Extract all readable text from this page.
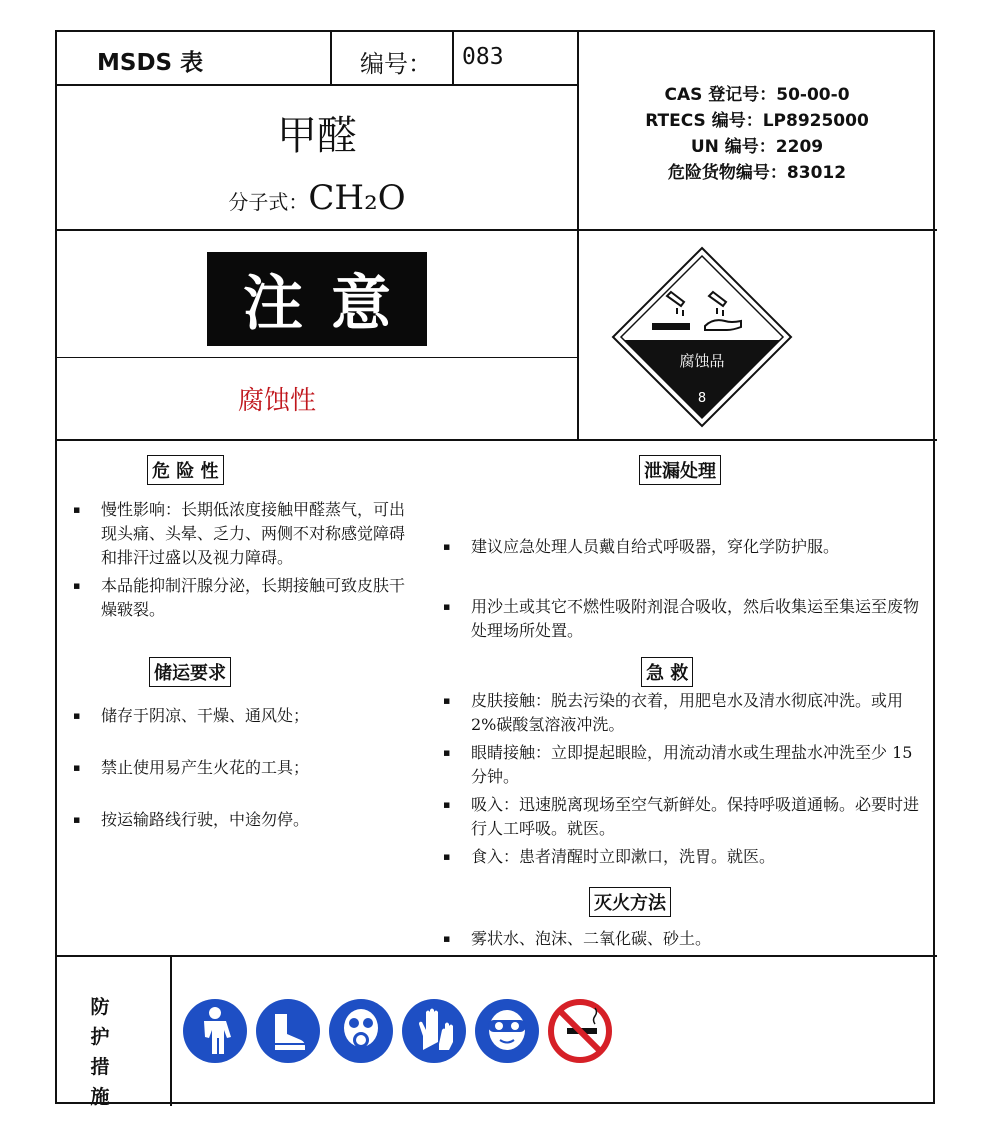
MSDS 表	编号： 083
甲醛
分子式：CH₂O
CAS 登记号：50-00-0
RTECS 编号：LP8925000
UN 编号：2209
危险货物编号：83012
注意
腐蚀性
腐蚀品
8
危 险 性
▪ 慢性影响：长期低浓度接触甲醛蒸气，可出现头痛、头晕、乏力、两侧不对称感觉障碍和排汗过盛以及视力障碍。
▪ 本品能抑制汗腺分泌，长期接触可致皮肤干燥皲裂。
储运要求
▪ 储存于阴凉、干燥、通风处；
▪ 禁止使用易产生火花的工具；
▪ 按运输路线行驶，中途勿停。
泄漏处理
▪ 建议应急处理人员戴自给式呼吸器，穿化学防护服。
▪ 用沙土或其它不燃性吸附剂混合吸收，然后收集运至集运至废物处理场所处置。
急 救
▪ 皮肤接触：脱去污染的衣着，用肥皂水及清水彻底冲洗。或用 2%碳酸氢溶液冲洗。
▪ 眼睛接触：立即提起眼睑，用流动清水或生理盐水冲洗至少 15 分钟。
▪ 吸入：迅速脱离现场至空气新鲜处。保持呼吸道通畅。必要时进行人工呼吸。就医。
▪ 食入：患者清醒时立即漱口，洗胃。就医。
灭火方法
▪ 雾状水、泡沫、二氧化碳、砂土。
防护措施
